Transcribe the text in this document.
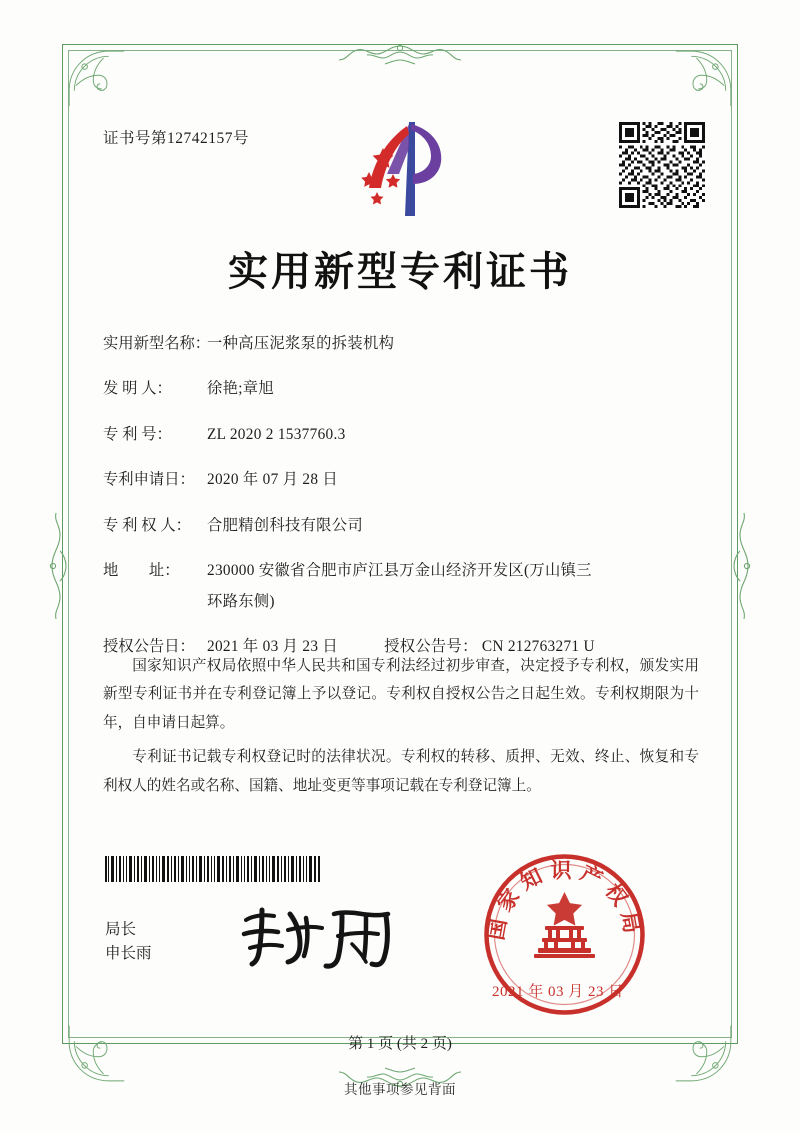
证书号第12742157号
实用新型专利证书
实用新型名称：
一种高压泥浆泵的拆装机构
发 明 人：	徐艳;章旭
专 利 号：	ZL 2020 2 1537760.3
专利申请日： 2020 年 07 月 28 日
专 利 权 人：	合肥精创科技有限公司
地        址：	230000 安徽省合肥市庐江县万金山经济开发区(万山镇三
环路东侧)
授权公告日： 2021 年 03 月 23 日	授权公告号： CN 212763271 U

国家知识产权局依照中华人民共和国专利法经过初步审查，决定授予专利权，颁发实用新型专利证书并在专利登记簿上予以登记。专利权自授权公告之日起生效。专利权期限为十年，自申请日起算。

专利证书记载专利权登记时的法律状况。专利权的转移、质押、无效、终止、恢复和专利权人的姓名或名称、国籍、地址变更等事项记载在专利登记簿上。

局长
申长雨
国家知识产权局
2021 年 03 月 23 日
第 1 页 (共 2 页)
其他事项参见背面
